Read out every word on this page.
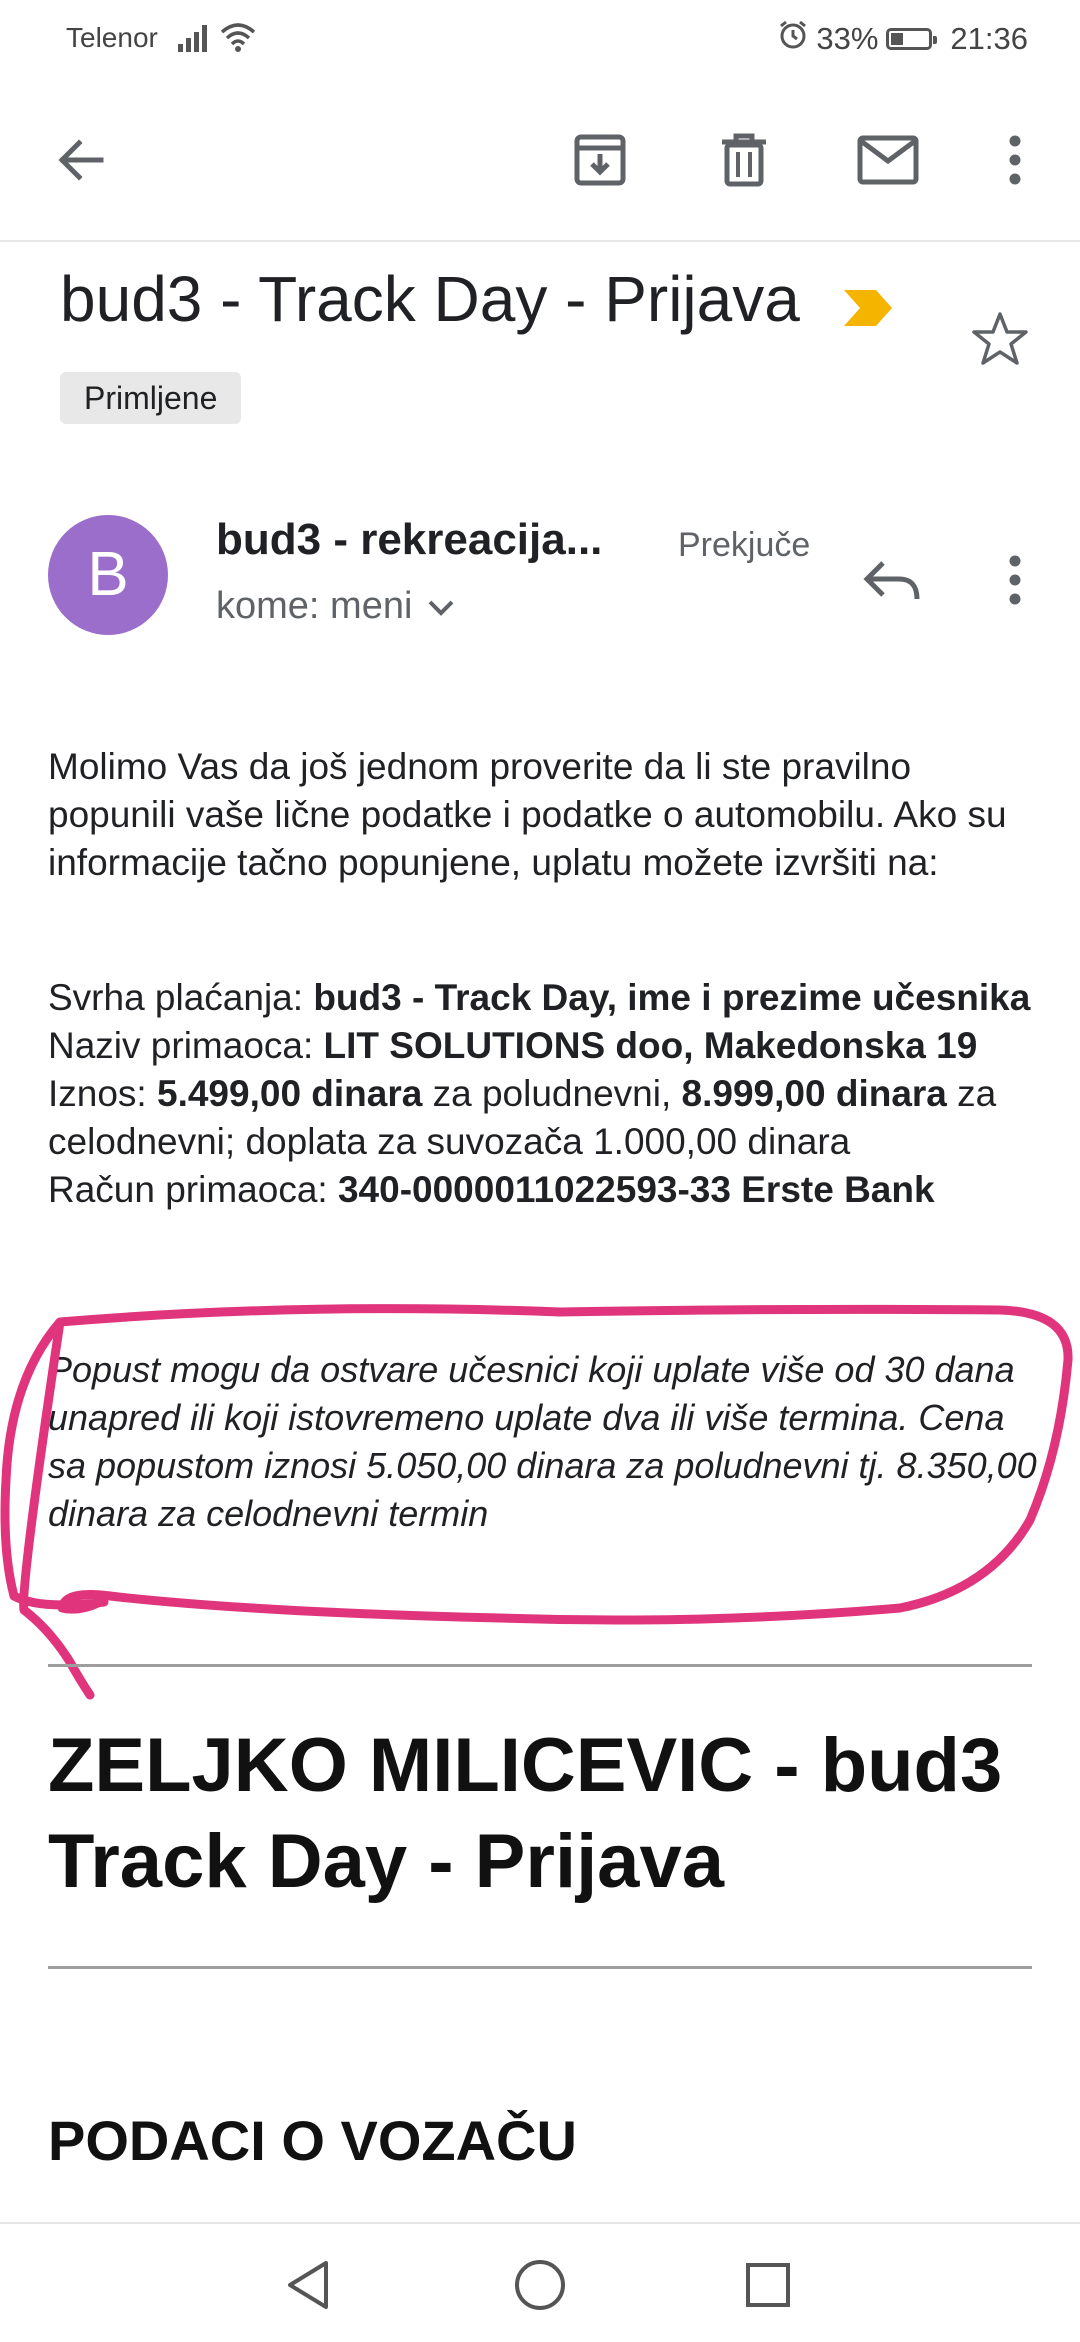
Telenor	33% 21:36
bud3 - Track Day - Prijava
Primljene
B
bud3 - rekreacija... Prekjuče
kome: meni
Molimo Vas da još jednom proverite da li ste pravilno popunili vaše lične podatke i podatke o automobilu. Ako su informacije tačno popunjene, uplatu možete izvršiti na:
Svrha plaćanja: bud3 - Track Day, ime i prezime učesnika
Naziv primaoca: LIT SOLUTIONS doo, Makedonska 19
Iznos: 5.499,00 dinara za poludnevni, 8.999,00 dinara za celodnevni; doplata za suvozača 1.000,00 dinara
Račun primaoca: 340-0000011022593-33 Erste Bank
Popust mogu da ostvare učesnici koji uplate više od 30 dana unapred ili koji istovremeno uplate dva ili više termina. Cena sa popustom iznosi 5.050,00 dinara za poludnevni tj. 8.350,00 dinara za celodnevni termin
ZELJKO MILICEVIC - bud3 Track Day - Prijava
PODACI O VOZAČU
